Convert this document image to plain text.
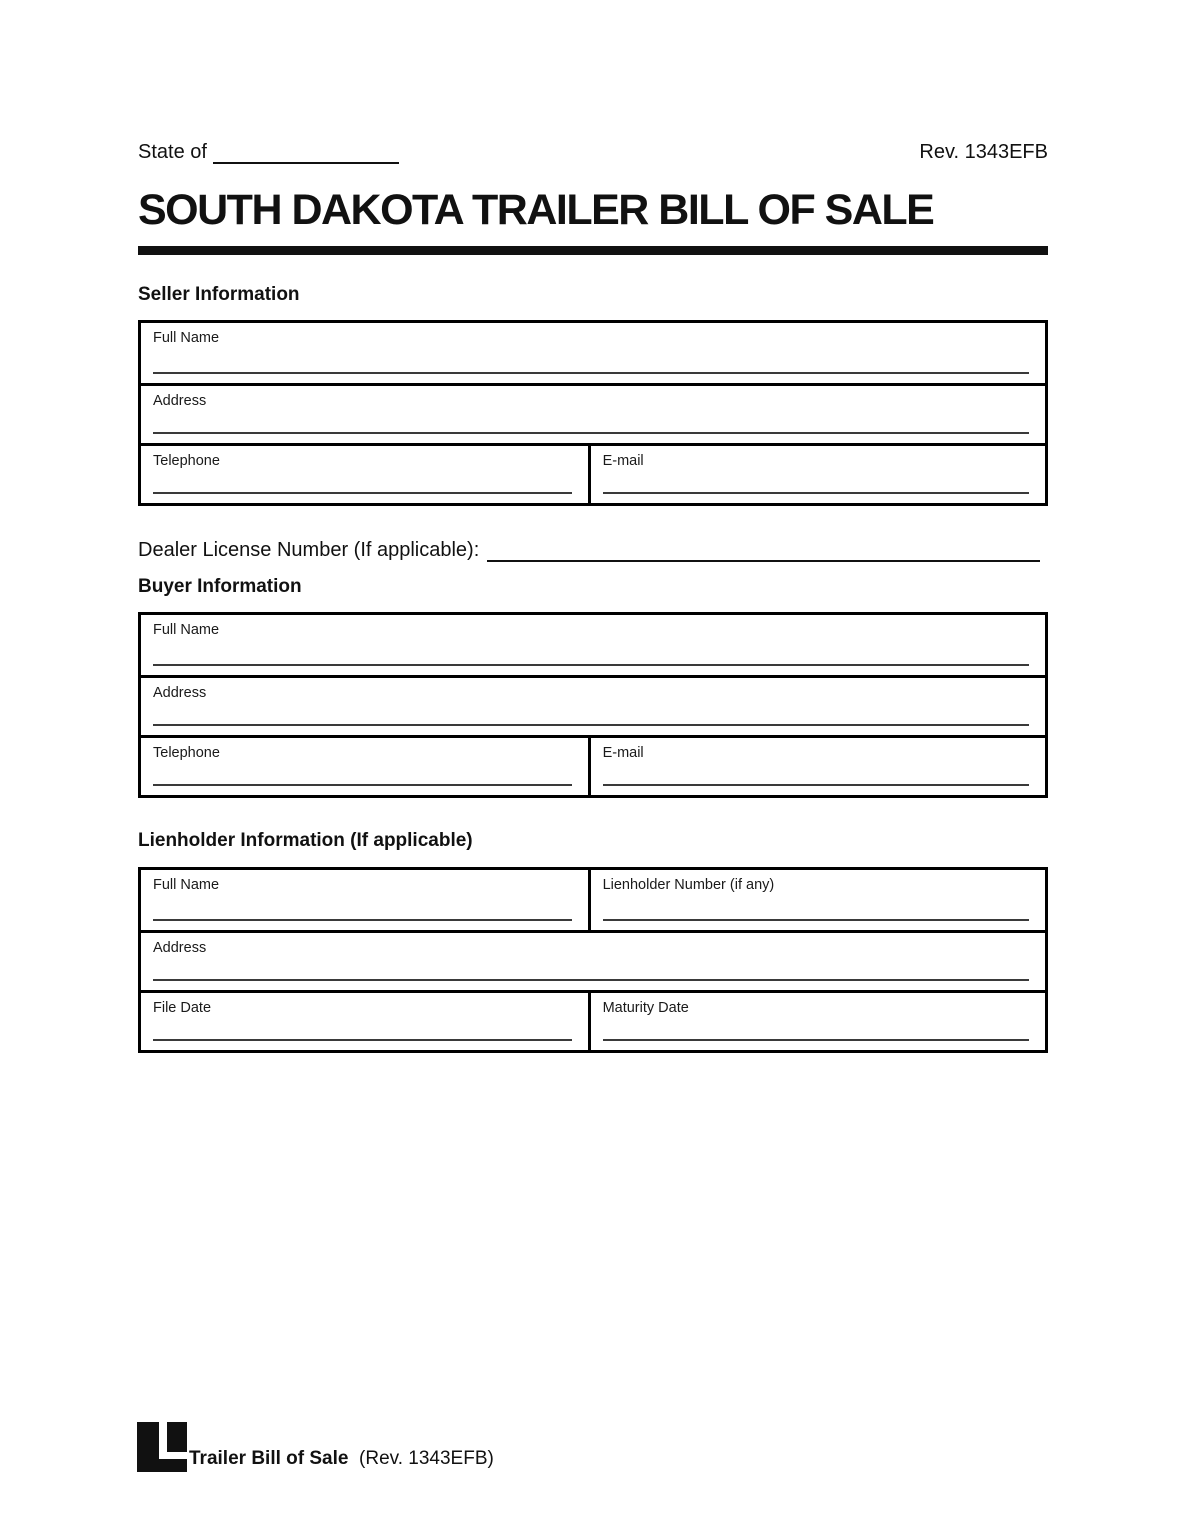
State of	Rev. 1343EFB
SOUTH DAKOTA TRAILER BILL OF SALE
Seller Information
Full Name
Address
Telephone	E-mail
Dealer License Number (If applicable):
Buyer Information
Full Name
Address
Telephone	E-mail
Lienholder Information (If applicable)
Full Name	Lienholder Number (if any)
Address
File Date	Maturity Date
Trailer Bill of Sale (Rev. 1343EFB)
